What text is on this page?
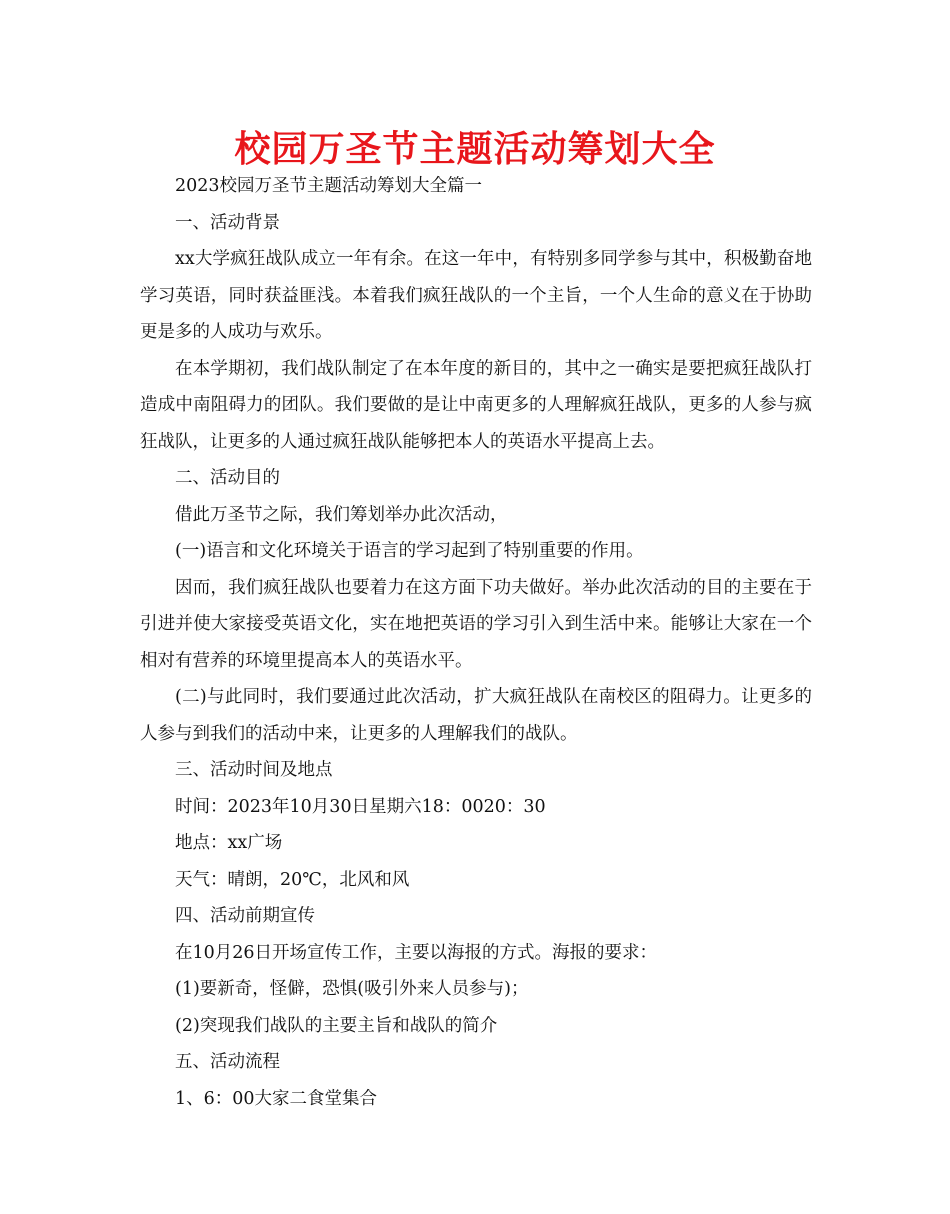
校园万圣节主题活动筹划大全

2023校园万圣节主题活动筹划大全篇一

一、活动背景

xx大学疯狂战队成立一年有余。在这一年中，有特别多同学参与其中，积极勤奋地学习英语，同时获益匪浅。本着我们疯狂战队的一个主旨，一个人生命的意义在于协助更是多的人成功与欢乐。

在本学期初，我们战队制定了在本年度的新目的，其中之一确实是要把疯狂战队打造成中南阻碍力的团队。我们要做的是让中南更多的人理解疯狂战队，更多的人参与疯狂战队，让更多的人通过疯狂战队能够把本人的英语水平提高上去。

二、活动目的

借此万圣节之际，我们筹划举办此次活动，

(一)语言和文化环境关于语言的学习起到了特别重要的作用。

因而，我们疯狂战队也要着力在这方面下功夫做好。举办此次活动的目的主要在于引进并使大家接受英语文化，实在地把英语的学习引入到生活中来。能够让大家在一个相对有营养的环境里提高本人的英语水平。

(二)与此同时，我们要通过此次活动，扩大疯狂战队在南校区的阻碍力。让更多的人参与到我们的活动中来，让更多的人理解我们的战队。

三、活动时间及地点

时间：2023年10月30日星期六18：0020：30

地点：xx广场

天气：晴朗，20℃，北风和风

四、活动前期宣传

在10月26日开场宣传工作，主要以海报的方式。海报的要求：

(1)要新奇，怪僻，恐惧(吸引外来人员参与)；

(2)突现我们战队的主要主旨和战队的简介

五、活动流程

1、6：00大家二食堂集合
